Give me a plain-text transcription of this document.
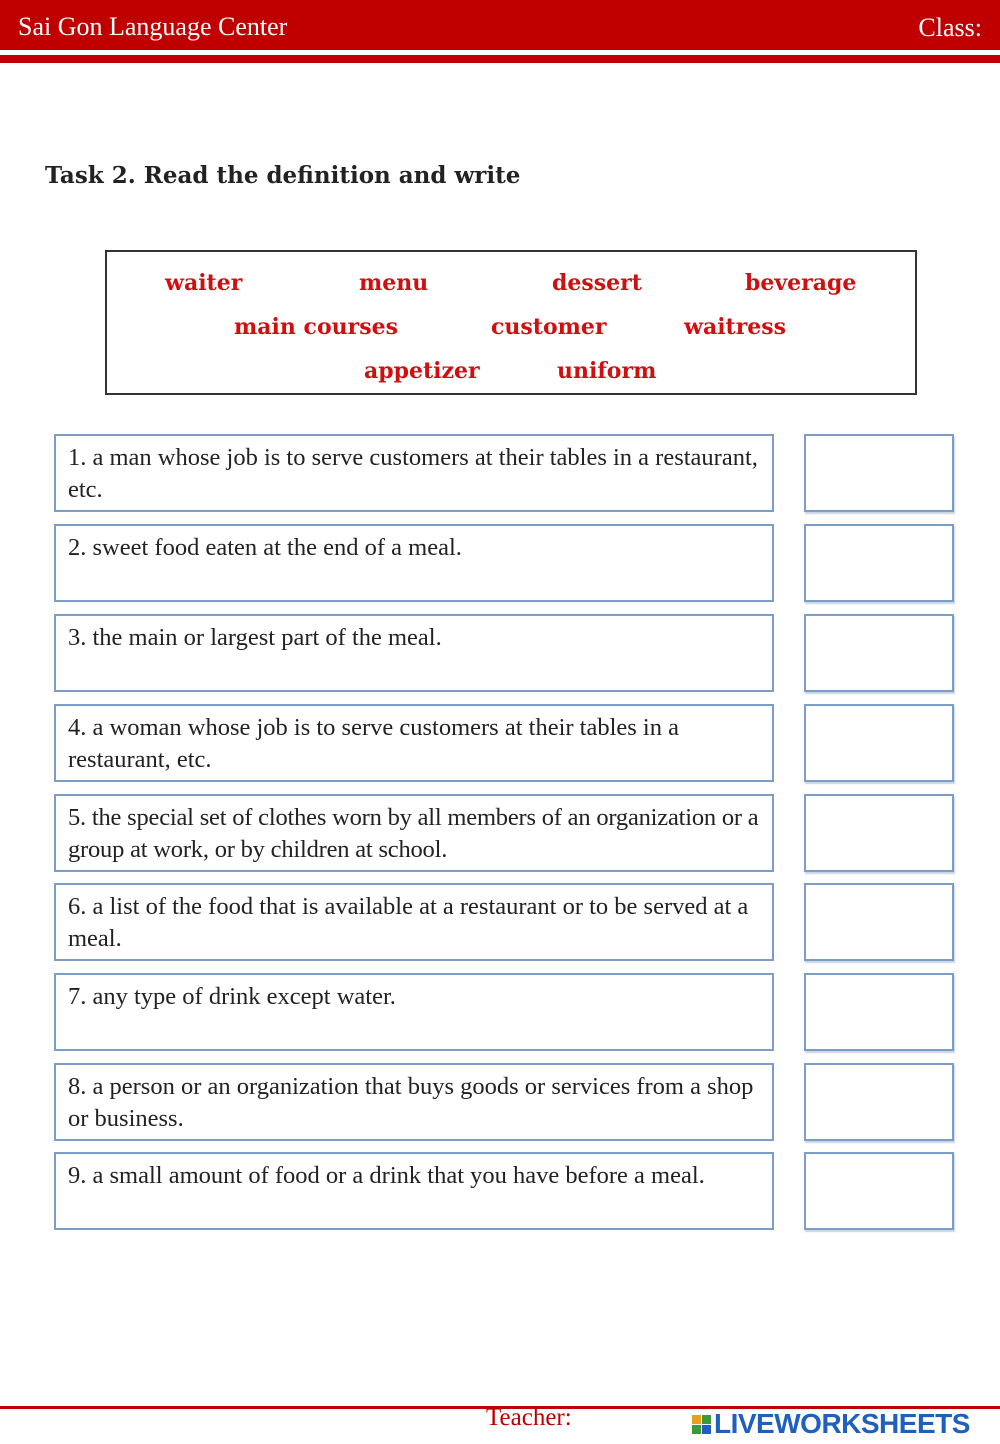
Sai Gon Language Center	Class:
Task 2. Read the definition and write
waiter	menu	dessert	beverage
main courses	customer	waitress
appetizer	uniform
1. a man whose job is to serve customers at their tables in a restaurant, etc.
2. sweet food eaten at the end of a meal.
3. the main or largest part of the meal.
4. a woman whose job is to serve customers at their tables in a restaurant, etc.
5. the special set of clothes worn by all members of an organization or a group at work, or by children at school.
6. a list of the food that is available at a restaurant or to be served at a meal.
7. any type of drink except water.
8. a person or an organization that buys goods or services from a shop or business.
9. a small amount of food or a drink that you have before a meal.
Teacher:	LIVEWORKSHEETS
